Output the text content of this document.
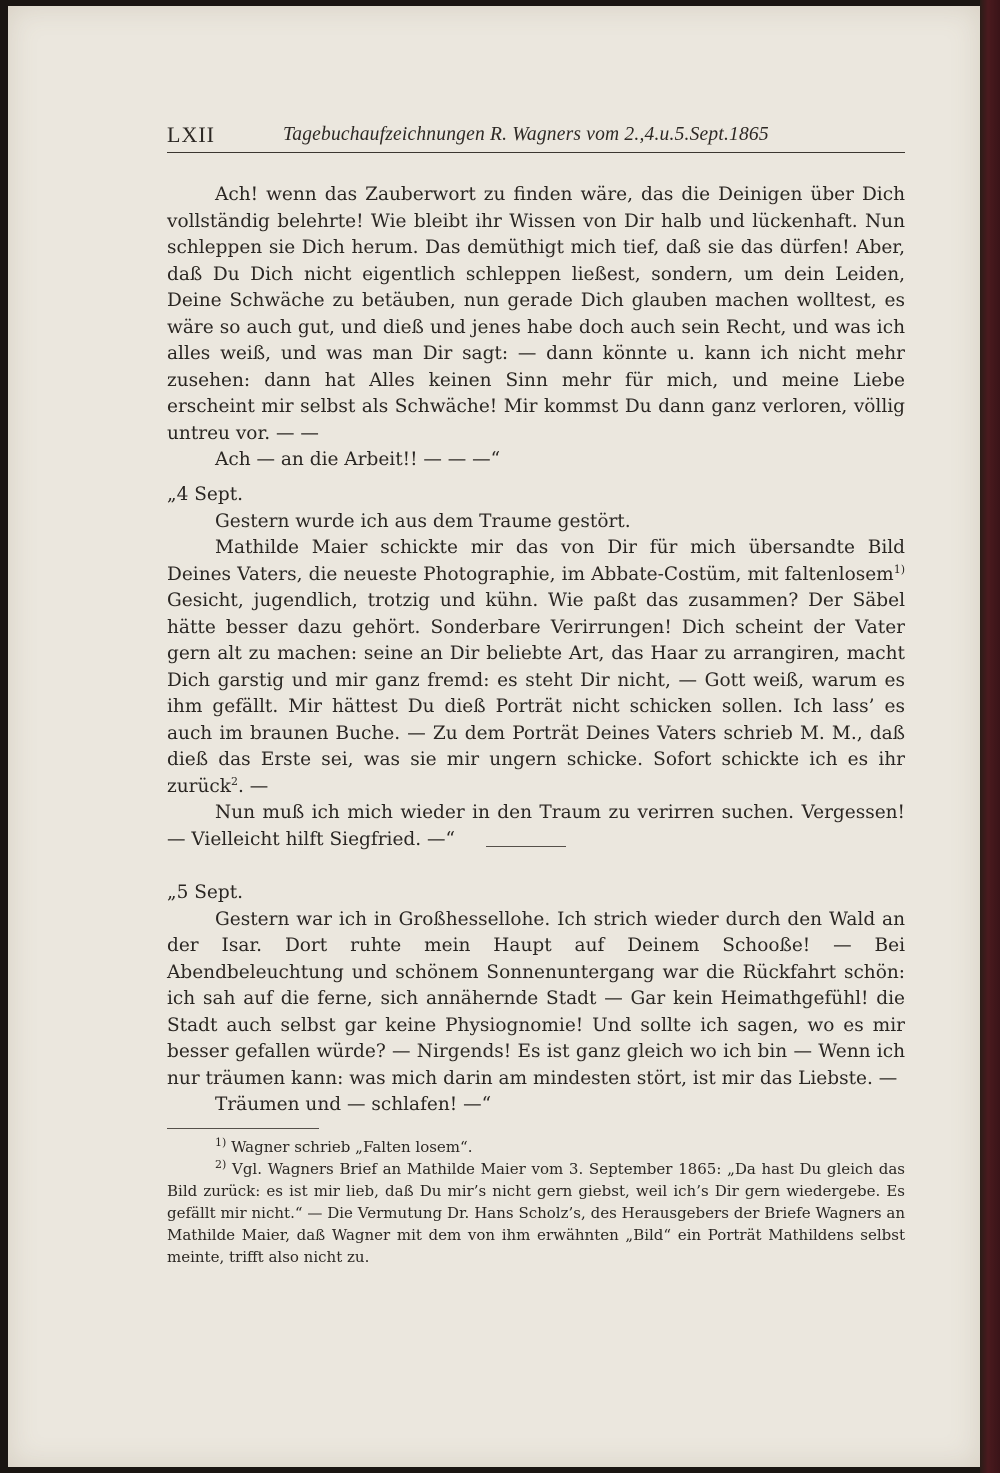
LXII	Tagebuchaufzeichnungen R. Wagners vom 2.,4.u.5.Sept.1865

Ach! wenn das Zauberwort zu finden wäre, das die Deinigen über Dich vollständig belehrte! Wie bleibt ihr Wissen von Dir halb und lückenhaft. Nun schleppen sie Dich herum. Das demüthigt mich tief, daß sie das dürfen! Aber, daß Du Dich nicht eigentlich schleppen ließest, sondern, um dein Leiden, Deine Schwäche zu betäuben, nun gerade Dich glauben machen wolltest, es wäre so auch gut, und dieß und jenes habe doch auch sein Recht, und was ich alles weiß, und was man Dir sagt: — dann könnte u. kann ich nicht mehr zusehen: dann hat Alles keinen Sinn mehr für mich, und meine Liebe erscheint mir selbst als Schwäche! Mir kommst Du dann ganz verloren, völlig untreu vor. — —

Ach — an die Arbeit!! — — —“

„4 Sept.

Gestern wurde ich aus dem Traume gestört.

Mathilde Maier schickte mir das von Dir für mich übersandte Bild Deines Vaters, die neueste Photographie, im Abbate-Costüm, mit faltenlosem$^{1)}$ Gesicht, jugendlich, trotzig und kühn. Wie paßt das zusammen? Der Säbel hätte besser dazu gehört. Sonderbare Verirrungen! Dich scheint der Vater gern alt zu machen: seine an Dir beliebte Art, das Haar zu arrangiren, macht Dich garstig und mir ganz fremd: es steht Dir nicht, — Gott weiß, warum es ihm gefällt. Mir hättest Du dieß Porträt nicht schicken sollen. Ich lass’ es auch im braunen Buche. — Zu dem Porträt Deines Vaters schrieb M. M., daß dieß das Erste sei, was sie mir ungern schicke. Sofort schickte ich es ihr zurück$^2$. —

Nun muß ich mich wieder in den Traum zu verirren suchen. Vergessen! — Vielleicht hilft Siegfried. —“

„5 Sept.

Gestern war ich in Großhessellohe. Ich strich wieder durch den Wald an der Isar. Dort ruhte mein Haupt auf Deinem Schooße! — Bei Abendbeleuchtung und schönem Sonnenuntergang war die Rückfahrt schön: ich sah auf die ferne, sich annähernde Stadt — Gar kein Heimathgefühl! die Stadt auch selbst gar keine Physiognomie! Und sollte ich sagen, wo es mir besser gefallen würde? — Nirgends! Es ist ganz gleich wo ich bin — Wenn ich nur träumen kann: was mich darin am mindesten stört, ist mir das Liebste. —

Träumen und — schlafen! —“

$^{1)}$ Wagner schrieb „Falten losem“.

$^{2)}$ Vgl. Wagners Brief an Mathilde Maier vom 3. September 1865: „Da hast Du gleich das Bild zurück: es ist mir lieb, daß Du mir’s nicht gern giebst, weil ich’s Dir gern wiedergebe. Es gefällt mir nicht.“ — Die Vermutung Dr. Hans Scholz’s, des Herausgebers der Briefe Wagners an Mathilde Maier, daß Wagner mit dem von ihm erwähnten „Bild“ ein Porträt Mathildens selbst meinte, trifft also nicht zu.
